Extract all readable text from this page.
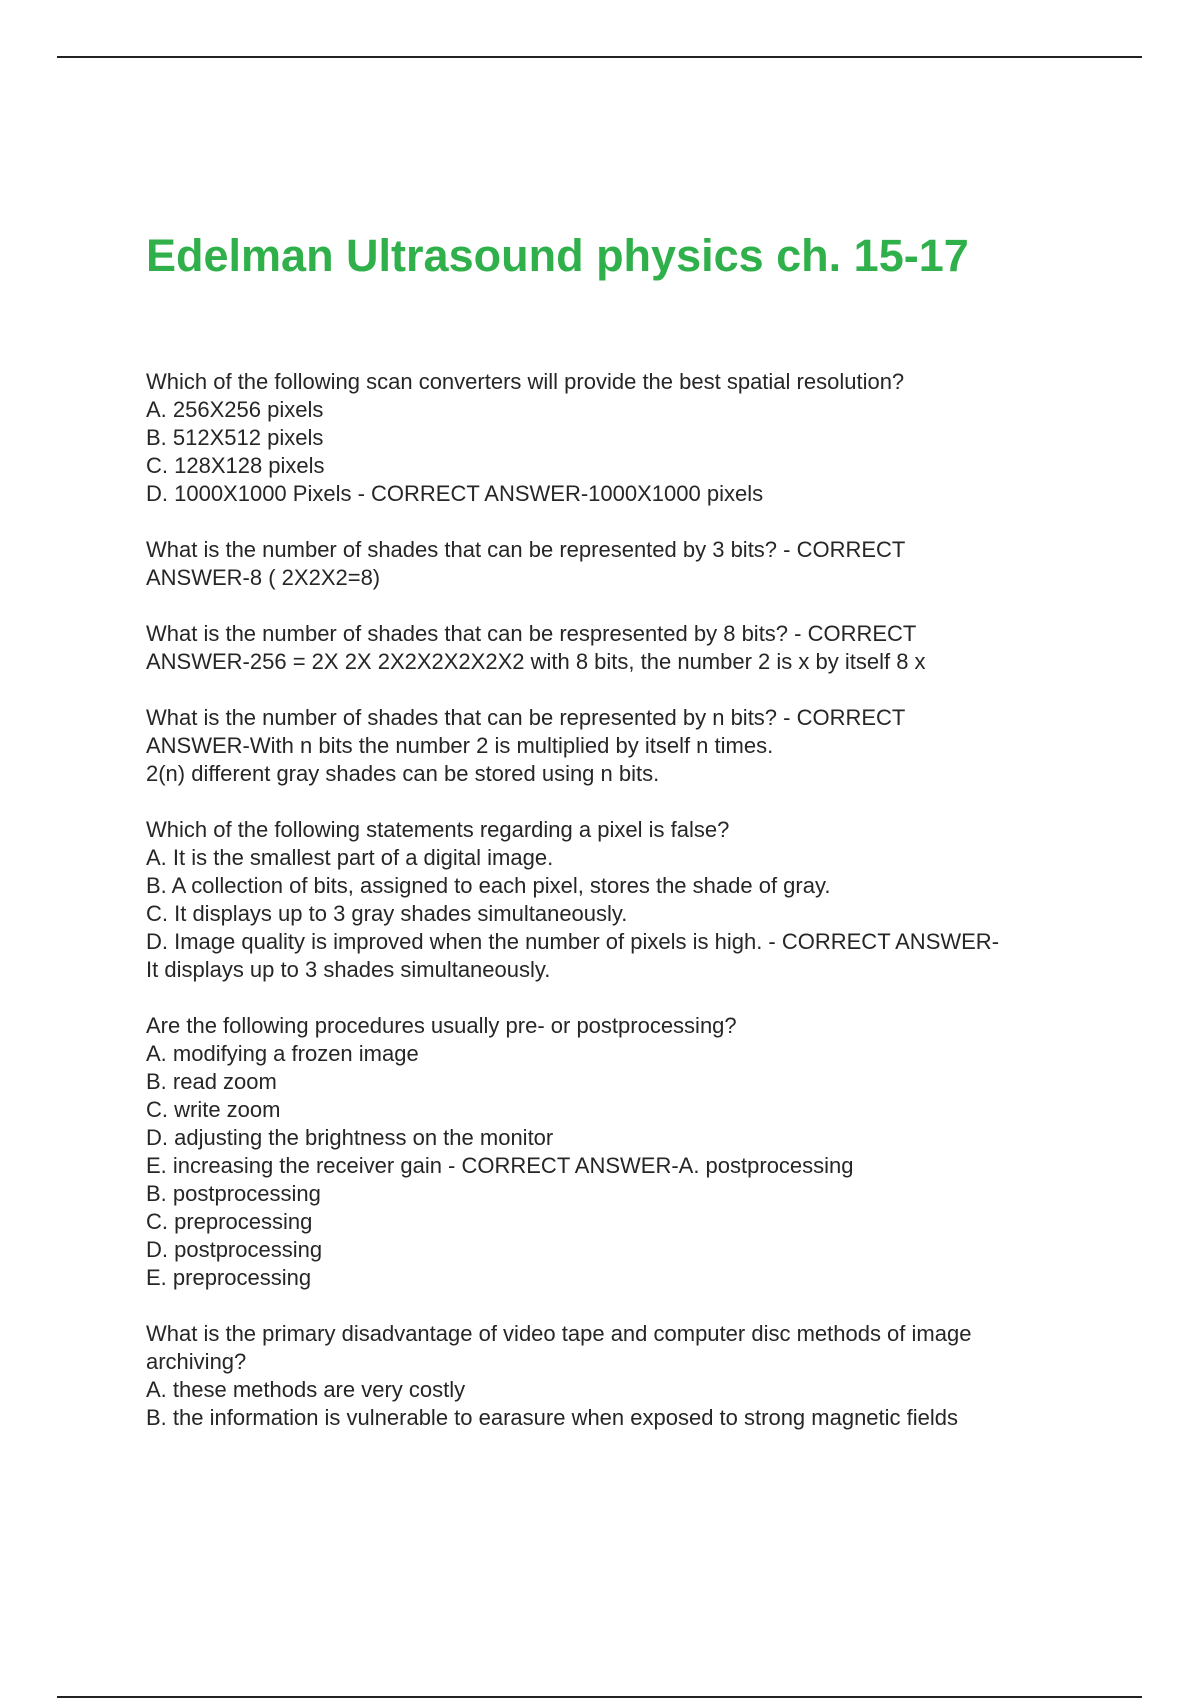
Edelman Ultrasound physics ch. 15-17
Which of the following scan converters will provide the best spatial resolution?
A. 256X256 pixels
B. 512X512 pixels
C. 128X128 pixels
D. 1000X1000 Pixels - CORRECT ANSWER-1000X1000 pixels
What is the number of shades that can be represented by 3 bits? - CORRECT
ANSWER-8 ( 2X2X2=8)
What is the number of shades that can be respresented by 8 bits? - CORRECT
ANSWER-256 = 2X 2X 2X2X2X2X2X2 with 8 bits, the number 2 is x by itself 8 x
What is the number of shades that can be represented by n bits? - CORRECT
ANSWER-With n bits the number 2 is multiplied by itself n times.
2(n) different gray shades can be stored using n bits.
Which of the following statements regarding a pixel is false?
A. It is the smallest part of a digital image.
B. A collection of bits, assigned to each pixel, stores the shade of gray.
C. It displays up to 3 gray shades simultaneously.
D. Image quality is improved when the number of pixels is high. - CORRECT ANSWER-
It displays up to 3 shades simultaneously.
Are the following procedures usually pre- or postprocessing?
A. modifying a frozen image
B. read zoom
C. write zoom
D. adjusting the brightness on the monitor
E. increasing the receiver gain - CORRECT ANSWER-A. postprocessing
B. postprocessing
C. preprocessing
D. postprocessing
E. preprocessing
What is the primary disadvantage of video tape and computer disc methods of image
archiving?
A. these methods are very costly
B. the information is vulnerable to earasure when exposed to strong magnetic fields
